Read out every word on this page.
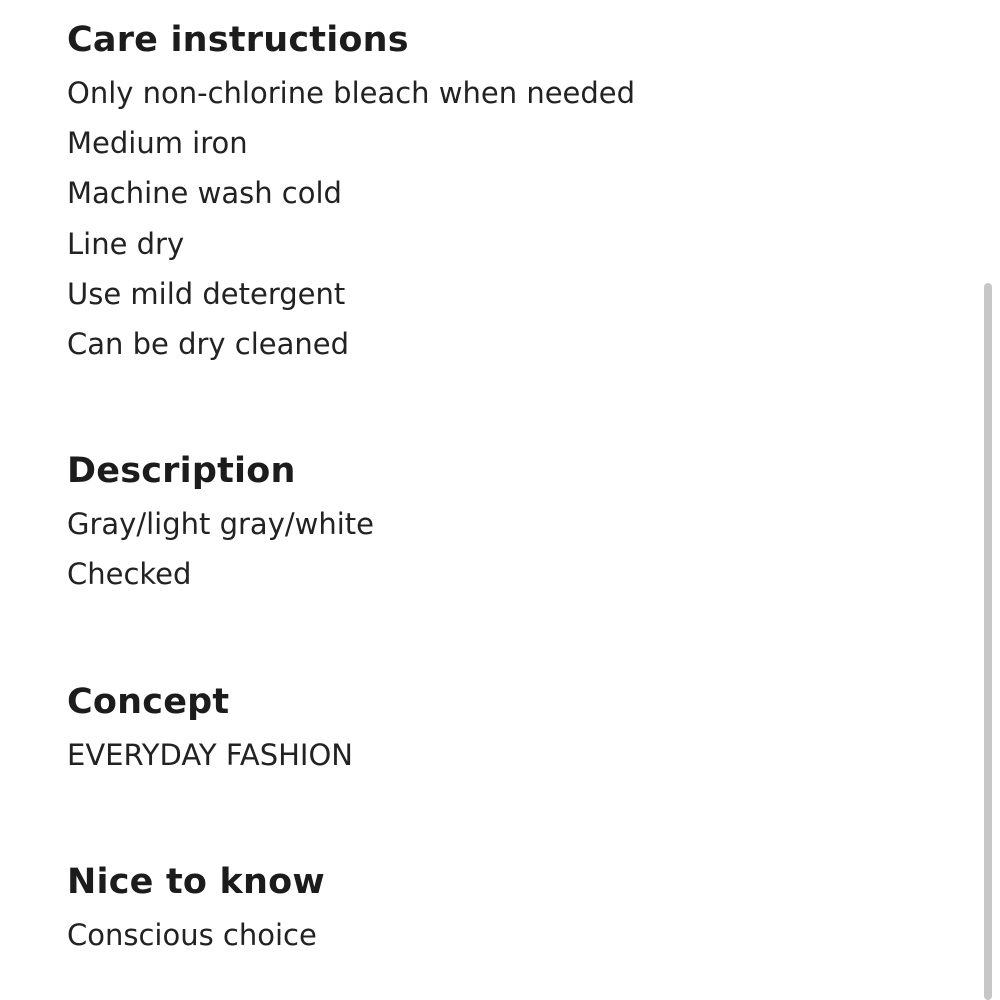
Care instructions
Only non-chlorine bleach when needed
Medium iron
Machine wash cold
Line dry
Use mild detergent
Can be dry cleaned
Description
Gray/light gray/white
Checked
Concept
EVERYDAY FASHION
Nice to know
Conscious choice
